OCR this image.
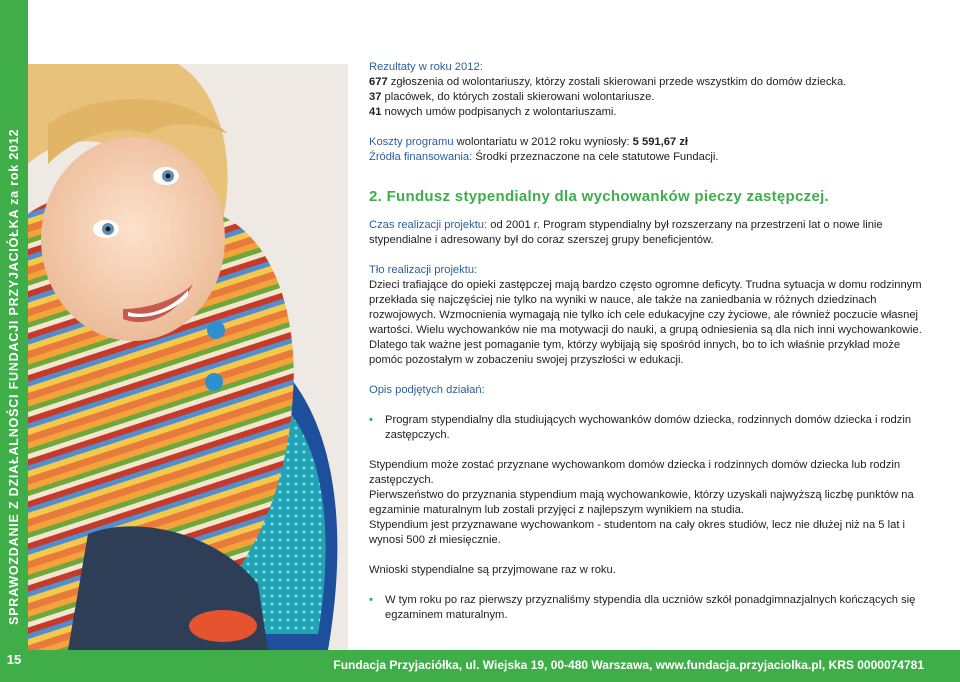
SPRAWOZDANIE Z DZIAŁALNOŚCI FUNDACJI PRZYJACIÓŁKA za rok 2012
15	Fundacja Przyjaciółka, ul. Wiejska 19, 00-480 Warszawa, www.fundacja.przyjaciolka.pl, KRS 0000074781

Rezultaty w roku 2012:

677 zgłoszenia od wolontariuszy, którzy zostali skierowani przede wszystkim do domów dziecka.

37 placówek, do których zostali skierowani wolontariusze.

41 nowych umów podpisanych z wolontariuszami.

Koszty programu wolontariatu w 2012 roku wyniosły: 5 591,67 zł

Źródła finansowania: Środki przeznaczone na cele statutowe Fundacji.

2. Fundusz stypendialny dla wychowanków pieczy zastępczej.

Czas realizacji projektu: od 2001 r. Program stypendialny był rozszerzany na przestrzeni lat o nowe linie stypendialne i adresowany był do coraz szerszej grupy beneficjentów.

Tło realizacji projektu:

Dzieci trafiające do opieki zastępczej mają bardzo często ogromne deficyty. Trudna sytuacja w domu rodzinnym przekłada się najczęściej nie tylko na wyniki w nauce, ale także na zaniedbania w różnych dziedzinach rozwojowych. Wzmocnienia wymagają nie tylko ich cele edukacyjne czy życiowe, ale również poczucie własnej wartości. Wielu wychowanków nie ma motywacji do nauki, a grupą odniesienia są dla nich inni wychowankowie. Dlatego tak ważne jest pomaganie tym, którzy wybijają się spośród innych, bo to ich właśnie przykład może pomóc pozostałym w zobaczeniu swojej przyszłości w edukacji.

Opis podjętych działań:

• Program stypendialny dla studiujących wychowanków domów dziecka, rodzinnych domów dziecka i rodzin zastępczych.

Stypendium może zostać przyznane wychowankom domów dziecka i rodzinnych domów dziecka lub rodzin zastępczych.

Pierwszeństwo do przyznania stypendium mają wychowankowie, którzy uzyskali najwyższą liczbę punktów na egzaminie maturalnym lub zostali przyjęci z najlepszym wynikiem na studia.

Stypendium jest przyznawane wychowankom - studentom na cały okres studiów, lecz nie dłużej niż na 5 lat i wynosi 500 zł miesięcznie.

Wnioski stypendialne są przyjmowane raz w roku.

• W tym roku po raz pierwszy przyznaliśmy stypendia dla uczniów szkół ponadgimnazjalnych kończących się egzaminem maturalnym.
